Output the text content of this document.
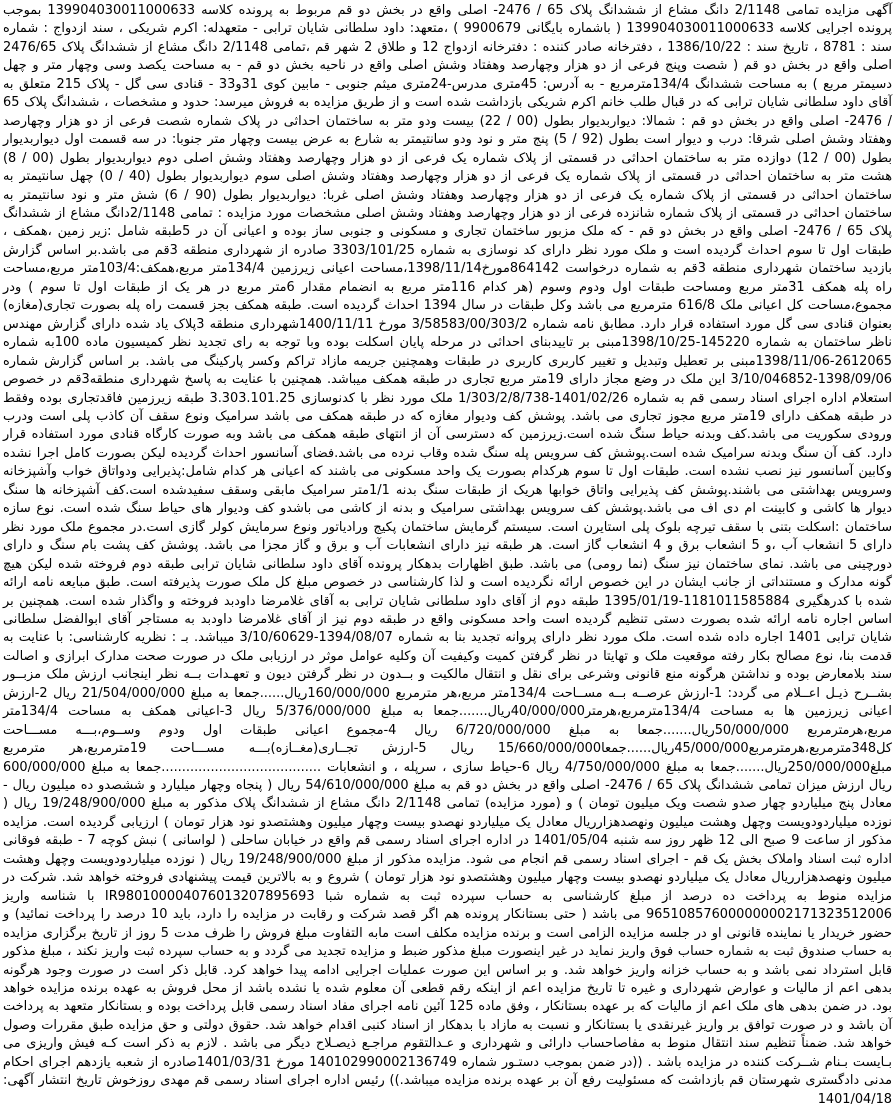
آگهی مزایده تمامی 2/1148 دانگ مشاع از ششدانگ پلاک 65 / 2476- اصلی واقع در بخش دو قم مربوط به پرونده کلاسه 139904030011000633 بموجب پرونده اجرایی کلاسه 139904030011000633 ( باشماره بایگانی 9900679 ) ،متعهد: داود سلطانی شایان ترابی - متعهدله: اکرم شریکی ، سند ازدواج : شماره سند : 8781 ، تاریخ سند : 1386/10/22 ، دفترخانه صادر کننده : دفترخانه ازدواج 12 و طلاق 2 شهر قم ،تمامی 2/1148 دانگ مشاع از ششدانگ پلاک 2476/65 اصلی واقع در بخش دو قم ( شصت وپنج فرعی از دو هزار وچهارصد وهفتاد وشش اصلی واقع در ناحیه بخش دو قم - به مساحت یکصد وسی وچهار متر و چهل دسیمتر مربع ) به مساحت ششدانگ 134/4مترمربع - به آدرس: 45متری مدرس-24متری میثم جنوبی - مابین کوی 31و33 - قنادی سی گل - پلاک 215 متعلق به آقای داود سلطانی شایان ترابی که در قبال طلب خانم اکرم شریکی بازداشت شده است و از طریق مزایده به فروش میرسد: حدود و مشخصات ، ششدانگ پلاک 65 / 2476- اصلی واقع در بخش دو قم : شمالا: دیواربدیوار بطول (00 / 22) بیست ودو متر به ساختمان احداثی در پلاک شماره شصت فرعی از دو هزار وچهارصد وهفتاد وشش اصلی شرقا: درب و دیوار است بطول (92 / 5) پنج متر و نود ودو سانتیمتر به شارع به عرض بیست وچهار متر جنوبا: در سه قسمت اول دیواربدیوار بطول (00 / 12) دوازده متر به ساختمان احداثی در قسمتی از پلاک شماره یک فرعی از دو هزار وچهارصد وهفتاد وشش اصلی دوم دیواربدیوار بطول (00 / 8) هشت متر به ساختمان احداثی در قسمتی از پلاک شماره یک فرعی از دو هزار وچهارصد وهفتاد وشش اصلی سوم دیواربدیوار بطول (40 / 0) چهل سانتیمتر به ساختمان احداثی در قسمتی از پلاک شماره یک فرعی از دو هزار وچهارصد وهفتاد وشش اصلی غربا: دیواربدیوار بطول (90 / 6) شش متر و نود سانتیمتر به ساختمان احداثی در قسمتی از پلاک شماره شانزده فرعی از دو هزار وچهارصد وهفتاد وشش اصلی مشخصات مورد مزایده : تمامی 2/1148دانگ مشاع از ششدانگ پلاک 65 / 2476- اصلی واقع در بخش دو قم - که ملک مزبور ساختمان تجاری و مسکونی و جنوبی ساز بوده و اعیانی آن در 5طبقه شامل :زیر زمین ،همکف ، طبقات اول تا سوم احداث گردیده است و ملک مورد نظر دارای کد نوسازی به شماره 3303/101/25 صادره از شهرداری منطقه 3قم می باشد.بر اساس گزارش بازدید ساختمان شهرداری منطقه 3قم به شماره درخواست 864142مورخ1398/11/14،مساحت اعیانی زیرزمین 134/4متر مربع،همکف:103/4متر مربع،مساحت راه پله همکف 31متر مربع ومساحت طبقات اول ودوم وسوم (هر کدام 116متر مربع به انضمام مقدار 6متر مربع در هر یک از طبقات اول تا سوم ) ودر مجموع،مساحت کل اعیانی ملک 616/8 مترمربع می باشد وکل طبقات در سال 1394 احداث گردیده است. طبقه همکف بجز قسمت راه پله بصورت تجاری(مغازه) بعنوان قنادی سی گل مورد استفاده قرار دارد. مطابق نامه شماره 3/58583/00/303/2 مورخ 1400/11/11شهرداری منطقه 3پلاک یاد شده دارای گزارش مهندس ناظر ساختمان به شماره 145220-1398/10/25مبنی بر تاییدبنای احداثی در مرحله پایان اسکلت بوده وبا توجه به رای تجدید نظر کمیسیون ماده 100به شماره 2612065-1398/11/06مبنی بر تعطیل وتبدیل و تغییر کاربری کاربری در طبقات وهمچنین جریمه مازاد تراکم وکسر پارکینگ می باشد. بر اساس گزارش شماره 1398/09/06-3/10/046852 این ملک در وضع مجاز دارای 19متر مربع تجاری در طبقه همکف میباشد. همچنین با عنایت به پاسخ شهرداری منطقه3قم در خصوص استعلام اداره اجرای اسناد رسمی قم به شماره 1401/02/26-1/303/2/8/738 ملک مورد نظر با کدنوسازی 3.303.101.25 طبقه زیرزمین فاقدتجاری بوده وفقط در طبقه همکف دارای 19متر مربع مجوز تجاری می باشد. پوشش کف ودیوار مغازه که در طبقه همکف می باشد سرامیک ونوع سقف آن کاذب پلی است ودرب ورودی سکوریت می باشد.کف وبدنه حیاط سنگ شده است.زیرزمین که دسترسی آن از انتهای طبقه همکف می باشد وبه صورت کارگاه قنادی مورد استفاده قرار دارد. کف آن سنگ وبدنه سرامیک شده است.پوشش کف سرویس پله سنگ شده وقاب نرده می باشد.فضای آسانسور احداث گردیده لیکن بصورت کامل اجرا نشده وکابین آسانسور نیز نصب نشده است. طبقات اول تا سوم هرکدام بصورت یک واحد مسکونی می باشند که اعیانی هر کدام شامل:پذیرایی ودواتاق خواب وآشپزخانه وسرویس بهداشتی می باشند.پوشش کف پذیرایی واتاق خوابها هریک از طبقات سنگ بدنه 1/1متر سرامیک مابقی وسقف سفیدشده است.کف آشپزخانه ها سنگ دیوار ها کاشی و کابینت ام دی اف می باشد.پوشش کف سرویس بهداشتی سرامیک و بدنه از کاشی می باشدو کف ودیوار های حیاط سنگ شده است. نوع سازه ساختمان :اسکلت بتنی با سقف تیرچه بلوک پلی استایرن است. سیستم گرمایش ساختمان پکیج ورادیاتور ونوع سرمایش کولر گازی است.در مجموع ملک مورد نظر دارای 5 انشعاب آب ،و 5 انشعاب برق و 4 انشعاب گاز است. هر طبقه نیز دارای انشعابات آب و برق و گاز مجزا می باشد. پوشش کف پشت بام سنگ و دارای دورچینی می باشد. نمای ساختمان نیز سنگ (نما رومی) می باشد. طبق اظهارات بدهکار پرونده آقای داود سلطانی شایان ترابی طبقه دوم فروخته شده لیکن هیچ گونه مدارک و مستنداتی از جانب ایشان در این خصوص ارائه نگردیده است و لذا کارشناسی در خصوص مبلغ کل ملک صورت پذیرفته است. طبق مبایعه نامه ارائه شده با کدرهگیری 1181011585884-1395/01/19 طبقه دوم از آقای داود سلطانی شایان ترابی به آقای غلامرضا داودبد فروخته و واگذار شده است. همچنین بر اساس اجاره نامه ارائه شده بصورت دستی تنظیم گردیده است واحد مسکونی واقع در طبقه دوم نیز از آقای غلامرضا داودبد به مستاجر آقای ابوالفضل سلطانی شایان ترابی 1401 اجاره داده شده است. ملک مورد نظر دارای پروانه تجدید بنا به شماره 1394/08/07-3/10/60629 میباشد. بـ : نظریه کارشناسی: با عنایت به قدمت بنا، نوع مصالح بکار رفته موقعیت ملک و تهایتا در نظر گرفتن کمیت وکیفیت آن وکلیه عوامل موثر در ارزیابی ملک در صورت صحت مدارک ابرازی و اصالت سند بلامعارض بوده و نداشتن هرگونه منع قانونی وشرعی برای نقل و انتقال مالکیت و بــدون در نظر گرفتن دیون و تعهـدات بــه نظر اینجانب ارزش ملک مزبــور بشــرح ذیـل اعــلام می گردد: 1-ارزش عرصــه بــه مســاحت 134/4متر مربع،هر مترمربع 160/000/000ریال......جمعا به مبلغ 21/504/000/000 ریال 2-ارزش اعیانی زیرزمین ها به مساحت 134/4مترمربع،هرمتر40/000/000ریال.......جمعا به مبلغ 5/376/000/000 ریال 3-اعیانی همکف به مساحت 134/4متر مربع،هرمترمربع 50/000/000ریال.......جمعا به مبلغ 6/720/000/000 ریال 4-مجموع اعیانی طبقات اول ودوم وســوم،بـــه مســـاحت کل348مترمربع،هرمترمربع45/000/000ریال......جمعا15/660/000/000 ریال 5-ارزش تجــاری(مغــازه)بـــه مســـاحت 19مترمربع،هر مترمربع مبلغ250/000/000ریال.......جمعا به مبلغ 4/750/000/000 ریال 6-حیاط سازی ، سرپله ، و انشعابات .......................................جمعا به مبلغ 600/000/000 ریال ارزش میزان تمامی ششدانگ پلاک 65 / 2476- اصلی واقع در بخش دو قم به مبلغ 54/610/000/000 ریال ( پنجاه وچهار میلیارد و ششصدو ده میلیون ریال - معادل پنج میلیاردو چهار صدو شصت ویک میلیون تومان ) و (مورد مزایده) تمامی 2/1148 دانگ مشاع از ششدانگ پلاک مذکور به مبلغ 19/248/900/000 ریال ( نوزده میلیاردودویست وچهل وهشت میلیون ونهصدهزارریال معادل یک میلیاردو نهصدو بیست وچهار میلیون وهشتصدو نود هزار تومان ) ارزیابی گردیده است. مزایده مذکور از ساعت 9 صبح الی 12 ظهر روز سه شنبه 1401/05/04 در اداره اجرای اسناد رسمی قم واقع در خیابان ساحلی ( لواسانی ) نبش کوچه 7 - طبقه فوقانی اداره ثبت اسناد واملاک بخش یک قم - اجرای اسناد رسمی قم انجام می شود. مزایده مذکور از مبلغ 19/248/900/000 ریال ( نوزده میلیاردودویست وچهل وهشت میلیون ونهصدهزارریال معادل یک میلیاردو نهصدو بیست وچهار میلیون وهشتصدو نود هزار تومان ) شروع و به بالاترین قیمت پیشنهادی فروخته خواهد شد. شرکت در مزایده منوط به پرداخت ده درصد از مبلغ کارشناسی به حساب سپرده ثبت به شماره شبا IR980100004076013207895693 با شناسه واریز 965108576000000002171323512006 می باشد ( حتی بستانکار پرونده هم اگر قصد شرکت و رقابت در مزایده را دارد، باید 10 درصد را پرداخت نمائید) و حضور خریدار یا نماینده قانونی او در جلسه مزایده الزامی است و برنده مزایده مکلف است مابه التفاوت مبلغ فروش را ظرف مدت 5 روز از تاریخ برگزاری مزایده به حساب صندوق ثبت به شماره حساب فوق واریز نماید در غیر اینصورت مبلغ مذکور ضبط و مزایده تجدید می گردد و به حساب سپرده ثبت واریز نکند ، مبلغ مذکور قابل استرداد نمی باشد و به حساب خزانه واریز خواهد شد. و بر اساس این صورت عملیات اجرایی ادامه پیدا خواهد کرد. قابل ذکر است در صورت وجود هرگونه بدهی اعم از مالیات و عوارض شهرداری و غیره تا تاریخ مزایده اعم از اینکه رقم قطعی آن معلوم شده یا نشده باشد از محل فروش به عهده برنده مزایده خواهد بود. در ضمن بدهی های ملک اعم از مالیات که بر عهده بستانکار ، وفق ماده 125 آئین نامه اجرای مفاد اسناد رسمی قابل پرداخت بوده و بستانکار متعهد به پرداخت آن باشد و در صورت توافق بر واریز غیرنقدی یا بستانکار و نسبت به مازاد با بدهکار از اسناد کنبی اقدام خواهد شد. حقوق دولتی و حق مزایده طبق مقررات وصول خواهد شد. ضمناً تنظیم سند انتقال منوط به مفاصاحساب دارائی و شهرداری و عـدالتقوم مراجـع ذیصـلاح دیگر می باشد . لازم به ذکر است کـه فیش واریزی می بـایست بـنام شــرکت کننده در مزایده باشد . ((در ضمن بموجب دستـور شماره 140102990002136749 مورخ 1401/03/31صادره از شعبه یازدهم اجرای احکام مدنی دادگستری شهرستان قم بازداشت که مسئولیت رفع آن بر عهده برنده مزایده میباشد.)) رئیس اداره اجرای اسناد رسمی قم مهدی روزخوش تاریخ انتشار آگهی: 1401/04/18
